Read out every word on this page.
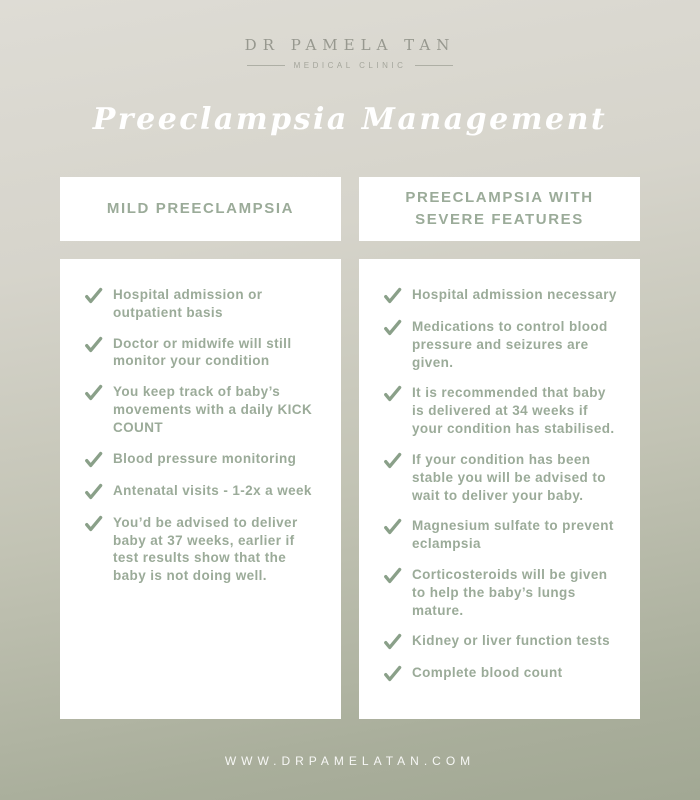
DR PAMELA TAN
MEDICAL CLINIC
Preeclampsia Management
MILD PREECLAMPSIA
Hospital admission or outpatient basis
Doctor or midwife will still monitor your condition
You keep track of baby’s movements with a daily KICK COUNT
Blood pressure monitoring
Antenatal visits - 1-2x a week
You’d be advised to deliver baby at 37 weeks, earlier if test results show that the baby is not doing well.
PREECLAMPSIA WITH SEVERE FEATURES
Hospital admission necessary
Medications to control blood pressure and seizures are given.
It is recommended that baby is delivered at 34 weeks if your condition has stabilised.
If your condition has been stable you will be advised to wait to deliver your baby.
Magnesium sulfate to prevent eclampsia
Corticosteroids will be given to help the baby’s lungs mature.
Kidney or liver function tests
Complete blood count
WWW.DRPAMELATAN.COM
